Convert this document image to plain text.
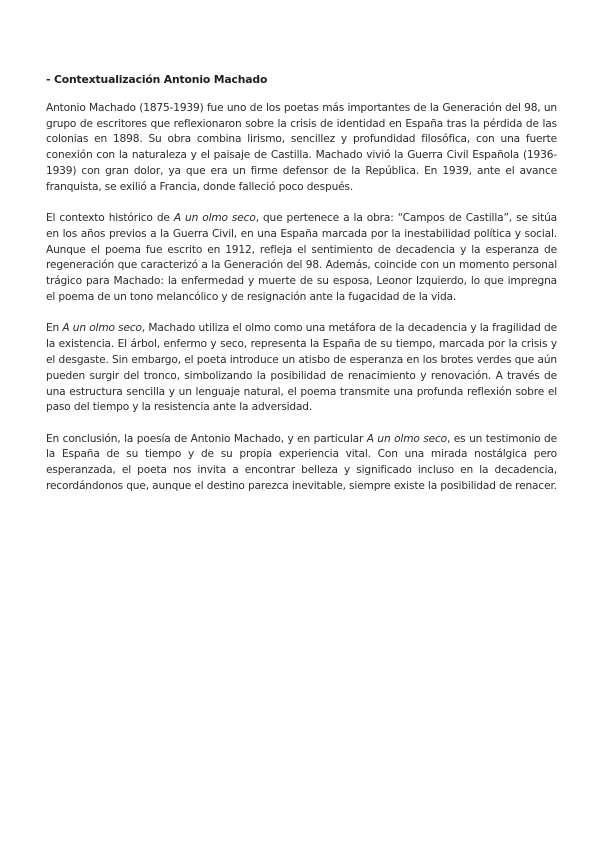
- Contextualización Antonio Machado

Antonio Machado (1875-1939) fue uno de los poetas más importantes de la Generación del 98, un grupo de escritores que reflexionaron sobre la crisis de identidad en España tras la pérdida de las colonias en 1898. Su obra combina lirismo, sencillez y profundidad filosófica, con una fuerte conexión con la naturaleza y el paisaje de Castilla. Machado vivió la Guerra Civil Española (1936-1939) con gran dolor, ya que era un firme defensor de la República. En 1939, ante el avance franquista, se exilió a Francia, donde falleció poco después.

El contexto histórico de A un olmo seco, que pertenece a la obra: “Campos de Castilla”, se sitúa en los años previos a la Guerra Civil, en una España marcada por la inestabilidad política y social. Aunque el poema fue escrito en 1912, refleja el sentimiento de decadencia y la esperanza de regeneración que caracterizó a la Generación del 98. Además, coincide con un momento personal trágico para Machado: la enfermedad y muerte de su esposa, Leonor Izquierdo, lo que impregna el poema de un tono melancólico y de resignación ante la fugacidad de la vida.

En A un olmo seco, Machado utiliza el olmo como una metáfora de la decadencia y la fragilidad de la existencia. El árbol, enfermo y seco, representa la España de su tiempo, marcada por la crisis y el desgaste. Sin embargo, el poeta introduce un atisbo de esperanza en los brotes verdes que aún pueden surgir del tronco, simbolizando la posibilidad de renacimiento y renovación. A través de una estructura sencilla y un lenguaje natural, el poema transmite una profunda reflexión sobre el paso del tiempo y la resistencia ante la adversidad.

En conclusión, la poesía de Antonio Machado, y en particular A un olmo seco, es un testimonio de la España de su tiempo y de su propia experiencia vital. Con una mirada nostálgica pero esperanzada, el poeta nos invita a encontrar belleza y significado incluso en la decadencia, recordándonos que, aunque el destino parezca inevitable, siempre existe la posibilidad de renacer.
